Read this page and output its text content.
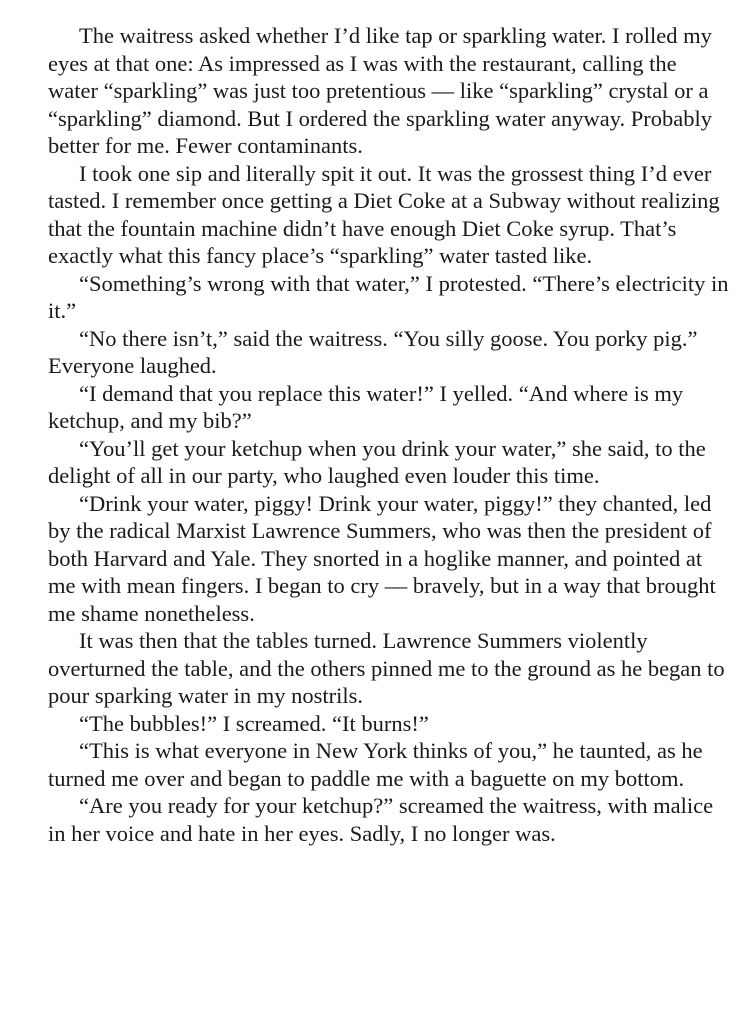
The waitress asked whether I’d like tap or sparkling water. I rolled my eyes at that one: As impressed as I was with the restaurant, calling the water “sparkling” was just too pretentious — like “sparkling” crystal or a “sparkling” diamond. But I ordered the sparkling water anyway. Probably better for me. Fewer contaminants.

I took one sip and literally spit it out. It was the grossest thing I’d ever tasted. I remember once getting a Diet Coke at a Subway without realizing that the fountain machine didn’t have enough Diet Coke syrup. That’s exactly what this fancy place’s “sparkling” water tasted like.

“Something’s wrong with that water,” I protested. “There’s electricity in it.”

“No there isn’t,” said the waitress. “You silly goose. You porky pig.” Everyone laughed.

“I demand that you replace this water!” I yelled. “And where is my ketchup, and my bib?”

“You’ll get your ketchup when you drink your water,” she said, to the delight of all in our party, who laughed even louder this time.

“Drink your water, piggy! Drink your water, piggy!” they chanted, led by the radical Marxist Lawrence Summers, who was then the president of both Harvard and Yale. They snorted in a hoglike manner, and pointed at me with mean fingers. I began to cry — bravely, but in a way that brought me shame nonetheless.

It was then that the tables turned. Lawrence Summers violently overturned the table, and the others pinned me to the ground as he began to pour sparking water in my nostrils.

“The bubbles!” I screamed. “It burns!”

“This is what everyone in New York thinks of you,” he taunted, as he turned me over and began to paddle me with a baguette on my bottom.

“Are you ready for your ketchup?” screamed the waitress, with malice in her voice and hate in her eyes. Sadly, I no longer was.
